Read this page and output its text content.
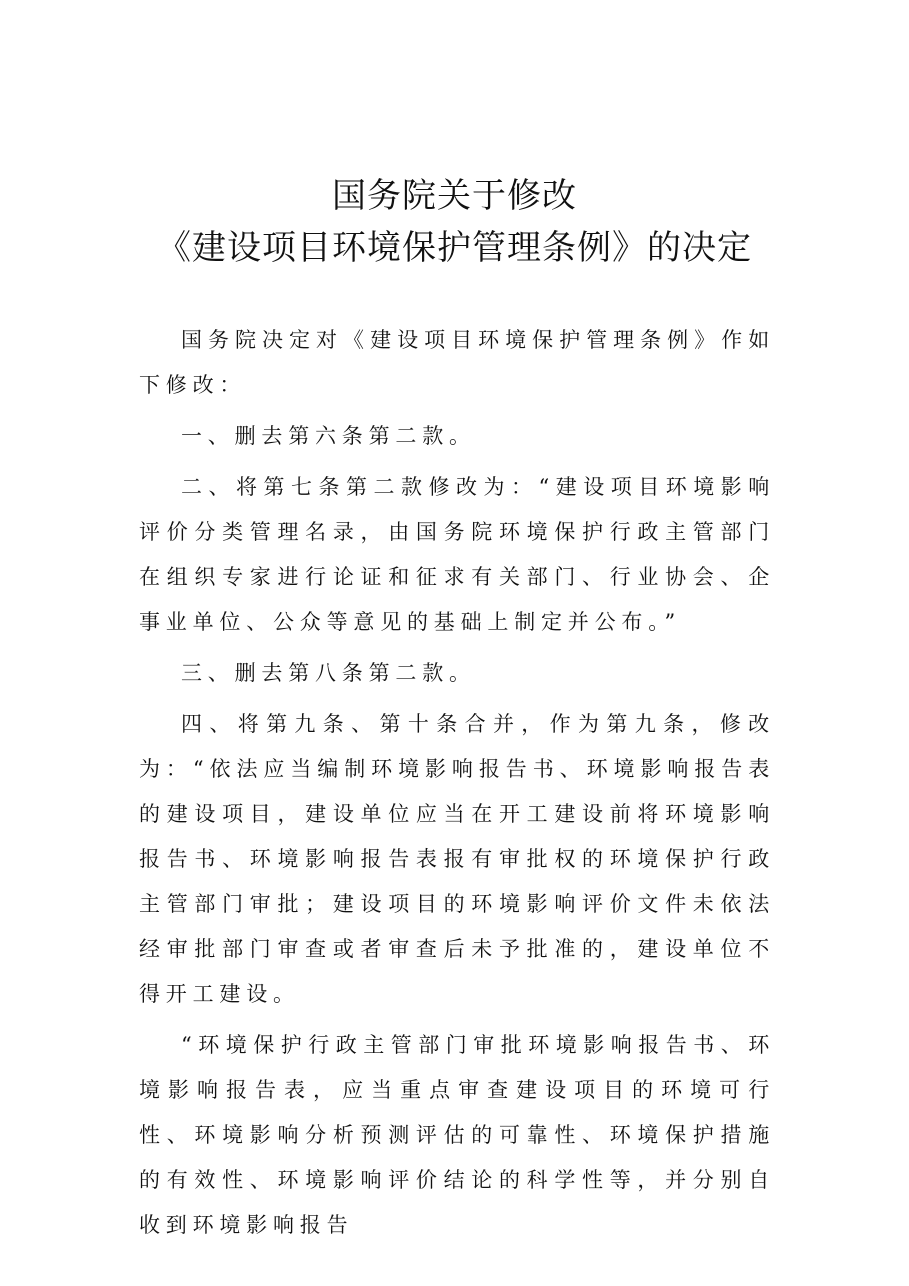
国务院关于修改
《建设项目环境保护管理条例》的决定

国务院决定对《建设项目环境保护管理条例》作如下修改：

一、删去第六条第二款。

二、将第七条第二款修改为：“建设项目环境影响评价分类管理名录，由国务院环境保护行政主管部门在组织专家进行论证和征求有关部门、行业协会、企事业单位、公众等意见的基础上制定并公布。”

三、删去第八条第二款。

四、将第九条、第十条合并，作为第九条，修改为：“依法应当编制环境影响报告书、环境影响报告表的建设项目，建设单位应当在开工建设前将环境影响报告书、环境影响报告表报有审批权的环境保护行政主管部门审批；建设项目的环境影响评价文件未依法经审批部门审查或者审查后未予批准的，建设单位不得开工建设。

“环境保护行政主管部门审批环境影响报告书、环境影响报告表，应当重点审查建设项目的环境可行性、环境影响分析预测评估的可靠性、环境保护措施的有效性、环境影响评价结论的科学性等，并分别自收到环境影响报告
